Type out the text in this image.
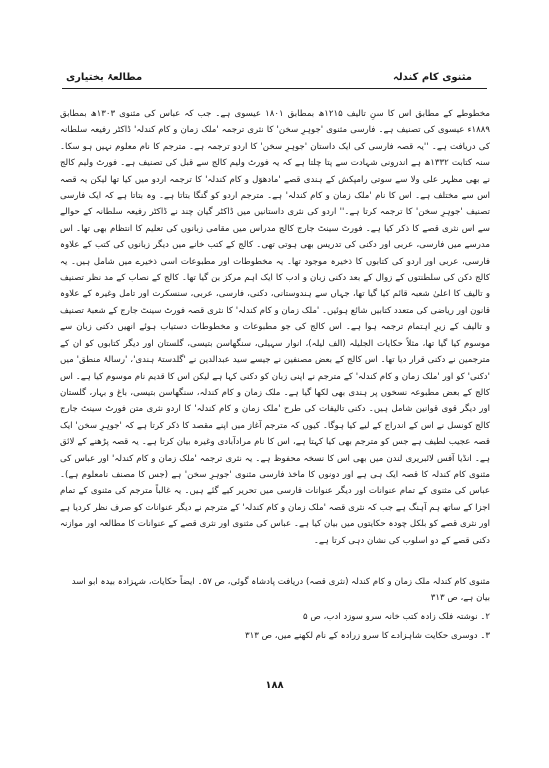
مطالعۂ بختیاری	مثنوی کام کندلہ

مخطوطے کے مطابق اس کا سنِ تالیف ۱۲۱۵ھ بمطابق ۱۸۰۱ عیسوی ہے۔ جب کہ عباس کی مثنوی ۱۳۰۳ھ بمطابق ۱۸۸۹ء عیسوی کی تصنیف ہے۔ فارسی مثنوی 'جوہرِ سخن' کا نثری ترجمہ 'ملک زمان و کام کندلہ' ڈاکٹر رفیعہ سلطانہ کی دریافت ہے۔ ''یہ قصہ فارسی کی ایک داستان 'جوہرِ سخن' کا اردو ترجمہ ہے۔ مترجم کا نام معلوم نہیں ہو سکا۔ سنہ کتابت ۱۳۳۲ھ ہے اندرونی شہادت سے پتا چلتا ہے کہ یہ فورٹ ولیم کالج سے قبل کی تصنیف ہے۔ فورٹ ولیم کالج نے بھی مظہر علی ولا سے سوتی رامپکش کے ہندی قصے 'مادھوَل و کام کندلہ' کا ترجمہ اردو میں کیا تھا لیکن یہ قصہ اس سے مختلف ہے۔ اس کا نام 'ملک زمان و کام کندلہ' ہے۔ مترجم اردو کو گنگا بتاتا ہے۔ وہ بتاتا ہے کہ ایک فارسی تصنیف 'جوہرِ سخن' کا ترجمہ کرتا ہے۔'' اردو کی نثری داستانیں میں ڈاکٹر گیان چند نے ڈاکٹر رفیعہ سلطانہ کے حوالے سے اس نثری قصے کا ذکر کیا ہے۔ فورٹ سینٹ جارج کالج مدراس میں مقامی زبانوں کی تعلیم کا انتظام بھی تھا۔ اس مدرسے میں فارسی، عربی اور دکنی کی تدریس بھی ہوتی تھی۔ کالج کے کتب خانے میں دیگر زبانوں کی کتب کے علاوہ فارسی، عربی اور اردو کی کتابوں کا ذخیرہ موجود تھا۔ یہ مخطوطات اور مطبوعات اسی ذخیرے میں شامل ہیں۔ یہ کالج دکن کی سلطنتوں کے زوال کے بعد دکنی زبان و ادب کا ایک اہم مرکز بن گیا تھا۔ کالج کے نصاب کے مد نظر تصنیف و تالیف کا اعلیٰ شعبہ قائم کیا گیا تھا، جہاں سے ہندوستانی، دکنی، فارسی، عربی، سنسکرت اور تامل وغیرہ کے علاوہ قانون اور ریاضی کی متعدد کتابیں شائع ہوئیں۔ 'ملک زمان و کام کندلہ' کا نثری قصہ فورٹ سینٹ جارج کے شعبۂ تصنیف و تالیف کے زیرِ اہتمام ترجمہ ہوا ہے۔ اس کالج کی جو مطبوعات و مخطوطات دستیاب ہوئے انھیں دکنی زبان سے موسوم کیا گیا تھا، مثلاً حکایات الجلیلہ (الف لیلہ)، انوار سہیلی، سنگھاسن بتیسی، گلستان اور دیگر کتابوں کو ان کے مترجمین نے دکنی قرار دیا تھا۔ اس کالج کے بعض مصنفین نے جیسے سید عبدالدین نے 'گلدستۂ ہندی'، 'رسالۂ منطق' میں 'دکنی' کو اور 'ملک زمان و کام کندلہ' کے مترجم نے اپنی زبان کو دکنی کہا ہے لیکن اس کا قدیم نام موسوم کیا ہے۔ اس کالج کے بعض مطبوعہ نسخوں پر ہندی بھی لکھا گیا ہے۔ ملک زمان و کام کندلہ، سنگھاسن بتیسی، باغ و بہار، گلستان اور دیگر قوی قوانین شامل ہیں۔ دکنی تالیفات کی طرح 'ملک زمان و کام کندلہ' کا اردو نثری متن فورٹ سینٹ جارج کالج کونسل نے اس کے اندراج کے لیے کیا ہوگا۔ کیوں کہ مترجم آغاز میں اپنے مقصد کا ذکر کرتا ہے کہ 'جوہرِ سخن' ایک قصہ عجیب لطیف ہے جس کو مترجم بھی کیا کہتا ہے، اس کا نام مرادآبادی وغیرہ بیان کرتا ہے۔ یہ قصہ پڑھنے کے لائق ہے۔ انڈیا آفس لائبریری لندن میں بھی اس کا نسخہ محفوظ ہے۔ یہ نثری ترجمہ 'ملک زمان و کام کندلہ' اور عباس کی مثنوی کام کندلہ کا قصہ ایک ہی ہے اور دونوں کا ماخذ فارسی مثنوی 'جوہرِ سخن' ہے (جس کا مصنف نامعلوم ہے)۔ عباس کی مثنوی کے تمام عنوانات اور دیگر عنوانات فارسی میں تحریر کیے گئے ہیں۔ یہ غالباً مترجم کی مثنوی کے تمام اجزا کے ساتھ ہم آہنگ ہے جب کہ نثری قصہ 'ملک زمان و کام کندلہ' کے مترجم نے دیگر عنوانات کو صرف نظر کردیا ہے اور نثری قصے کو بلکل چودہ حکایتوں میں بیان کیا ہے۔ عباس کی مثنوی اور نثری قصے کے عنوانات کا مطالعہ اور موازنہ دکنی قصے کے دو اسلوب کی نشان دہی کرتا ہے۔

مثنوی کام کندلہ ملک زمان و کام کندلہ (نثری قصہ) دریافت پادشاہ گوئی، ص ۵۷۔ ایضاً حکایات، شہزادہ بیدہ ابو اسد بیان ہے، ص ۳۱۳

۲۔ نوشتہ فلک زادہ کتب خانہ سرو سوزد ادب، ص ۵

۳۔ دوسری حکایت شاہزادے کا سرو زرادہ کے نام لکھنے میں، ص ۳۱۳

۱۸۸
